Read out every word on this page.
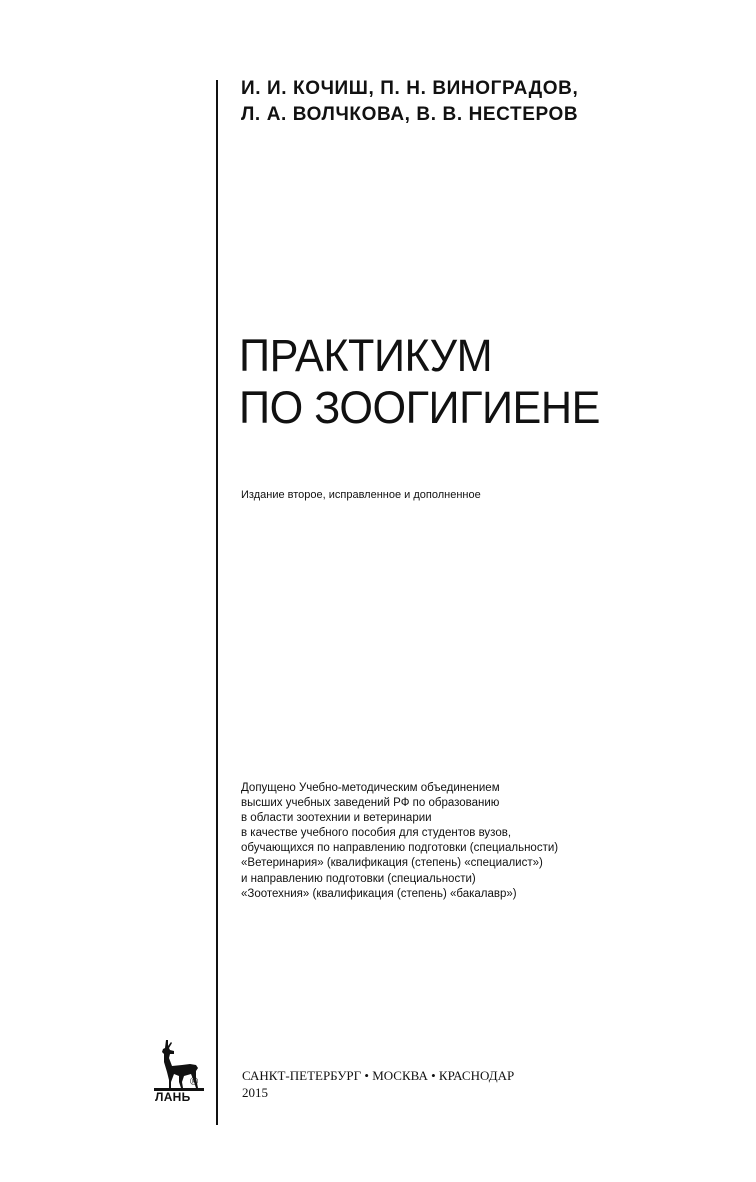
И. И. КОЧИШ, П. Н. ВИНОГРАДОВ,
Л. А. ВОЛЧКОВА, В. В. НЕСТЕРОВ
ПРАКТИКУМ
ПО ЗООГИГИЕНЕ
Издание второе, исправленное и дополненное
Допущено Учебно-методическим объединением
высших учебных заведений РФ по образованию
в области зоотехнии и ветеринарии
в качестве учебного пособия для студентов вузов,
обучающихся по направлению подготовки (специальности)
«Ветеринария» (квалификация (степень) «специалист»)
и направлению подготовки (специальности)
«Зоотехния» (квалификация (степень) «бакалавр»)
САНКТ-ПЕТЕРБУРГ • МОСКВА • КРАСНОДАР
2015
ЛАНЬ
®
